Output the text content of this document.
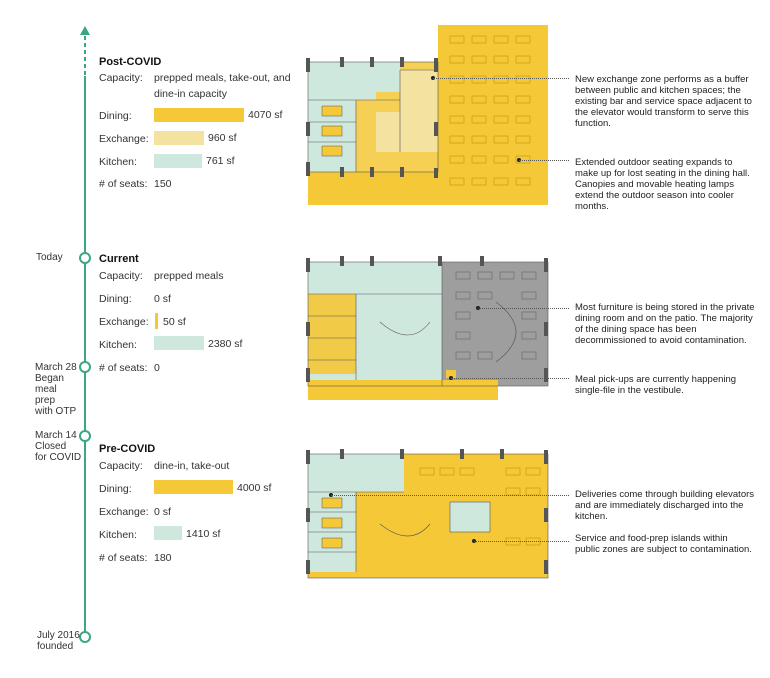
Today
March 28
Began
meal
prep
with OTP
March 14
Closed
for COVID
July 2016
founded
Post-COVID
Capacity: prepped meals, take-out, and
dine-in capacity
Dining:	4070 sf
Exchange:	960 sf
Kitchen:	761 sf
# of seats: 150
Current
Capacity: prepped meals
Dining: 0 sf
Exchange: 50 sf
Kitchen:	2380 sf
# of seats: 0
Pre-COVID
Capacity: dine-in, take-out
Dining:	4000 sf
Exchange: 0 sf
Kitchen:	1410 sf
# of seats: 180
New exchange zone performs as a buffer between public and kitchen spaces; the existing bar and service space adjacent to the elevator would transform to serve this function.
Extended outdoor seating expands to make up for lost seating in the dining hall. Canopies and movable heating lamps extend the outdoor season into cooler months.
Most furniture is being stored in the private dining room and on the patio. The majority of the dining space has been decommissioned to avoid contamination.
Meal pick-ups are currently happening single-file in the vestibule.
Deliveries come through building elevators and are immediately discharged into the kitchen.
Service and food-prep islands within public zones are subject to contamination.
